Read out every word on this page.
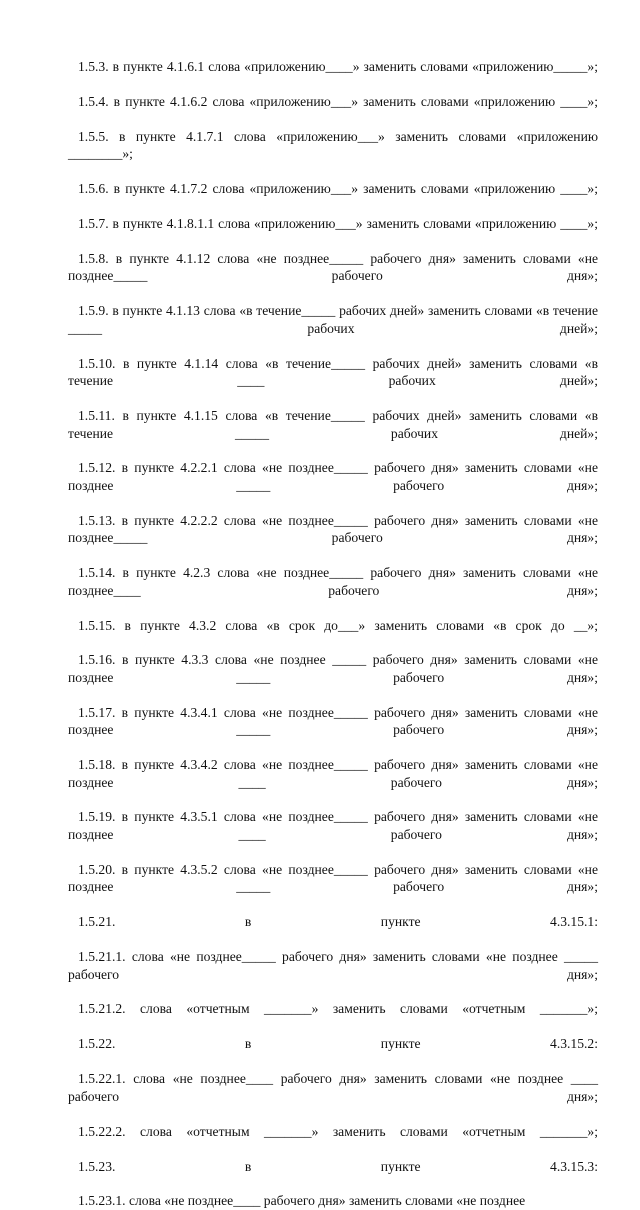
1.5.3. в пункте 4.1.6.1 слова «приложению____» заменить словами «приложению_____»;

1.5.4. в пункте 4.1.6.2 слова «приложению___» заменить словами «приложению ____»;

1.5.5. в пункте 4.1.7.1 слова «приложению___» заменить словами «приложению ________»;

1.5.6. в пункте 4.1.7.2 слова «приложению___» заменить словами «приложению ____»;

1.5.7. в пункте 4.1.8.1.1 слова «приложению___» заменить словами «приложению ____»;

1.5.8. в пункте 4.1.12 слова «не позднее_____ рабочего дня» заменить словами «не позднее_____ рабочего дня»;

1.5.9. в пункте 4.1.13 слова «в течение_____ рабочих дней» заменить словами «в течение _____ рабочих дней»;

1.5.10. в пункте 4.1.14 слова «в течение_____ рабочих дней» заменить словами «в течение ____ рабочих дней»;

1.5.11. в пункте 4.1.15 слова «в течение_____ рабочих дней» заменить словами «в течение _____ рабочих дней»;

1.5.12. в пункте 4.2.2.1 слова «не позднее_____ рабочего дня» заменить словами «не позднее _____ рабочего дня»;

1.5.13. в пункте 4.2.2.2 слова «не позднее_____ рабочего дня» заменить словами «не позднее_____ рабочего дня»;

1.5.14. в пункте 4.2.3 слова «не позднее_____ рабочего дня» заменить словами «не позднее____ рабочего дня»;

1.5.15. в пункте 4.3.2 слова «в срок до___» заменить словами «в срок до __»;

1.5.16. в пункте 4.3.3 слова «не позднее _____ рабочего дня» заменить словами «не позднее _____ рабочего дня»;

1.5.17. в пункте 4.3.4.1 слова «не позднее_____ рабочего дня» заменить словами «не позднее _____ рабочего дня»;

1.5.18. в пункте 4.3.4.2 слова «не позднее_____ рабочего дня» заменить словами «не позднее ____ рабочего дня»;

1.5.19. в пункте 4.3.5.1 слова «не позднее_____ рабочего дня» заменить словами «не позднее ____ рабочего дня»;

1.5.20. в пункте 4.3.5.2 слова «не позднее_____ рабочего дня» заменить словами «не позднее _____ рабочего дня»;

1.5.21. в пункте 4.3.15.1:

1.5.21.1. слова «не позднее_____ рабочего дня» заменить словами «не позднее _____ рабочего дня»;

1.5.21.2. слова «отчетным _______» заменить словами «отчетным _______»;

1.5.22. в пункте 4.3.15.2:

1.5.22.1. слова «не позднее____ рабочего дня» заменить словами «не позднее ____ рабочего дня»;

1.5.22.2. слова «отчетным _______» заменить словами «отчетным _______»;

1.5.23. в пункте 4.3.15.3:

1.5.23.1. слова «не позднее____ рабочего дня» заменить словами «не позднее
